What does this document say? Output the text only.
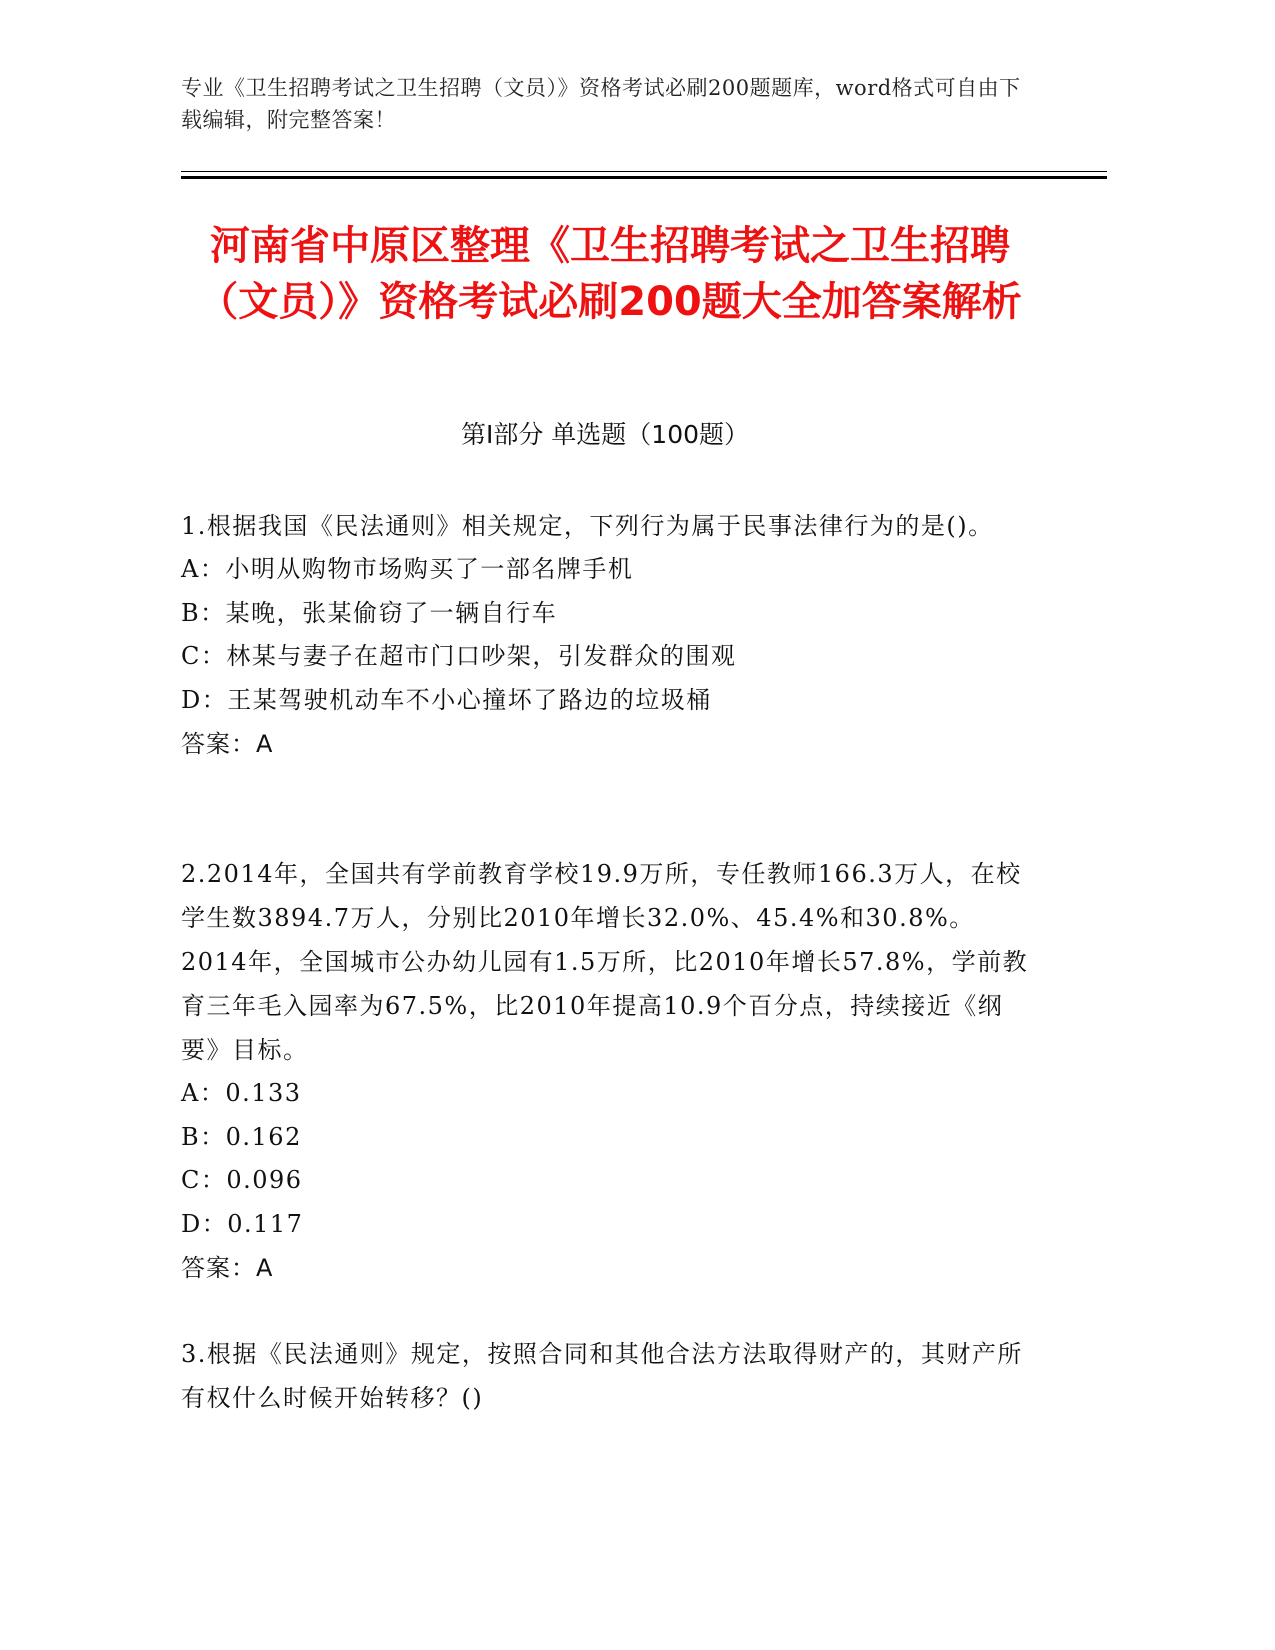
专业《卫生招聘考试之卫生招聘（文员）》资格考试必刷200题题库，word格式可自由下载编辑，附完整答案！
河南省中原区整理《卫生招聘考试之卫生招聘（文员）》资格考试必刷200题大全加答案解析
第I部分 单选题（100题）
1.根据我国《民法通则》相关规定，下列行为属于民事法律行为的是()。
A：小明从购物市场购买了一部名牌手机
B：某晚，张某偷窃了一辆自行车
C：林某与妻子在超市门口吵架，引发群众的围观
D：王某驾驶机动车不小心撞坏了路边的垃圾桶
答案：A
2.2014年，全国共有学前教育学校19.9万所，专任教师166.3万人，在校学生数3894.7万人，分别比2010年增长32.0%、45.4%和30.8%。2014年，全国城市公办幼儿园有1.5万所，比2010年增长57.8%，学前教育三年毛入园率为67.5%，比2010年提高10.9个百分点，持续接近《纲要》目标。
A：0.133
B：0.162
C：0.096
D：0.117
答案：A
3.根据《民法通则》规定，按照合同和其他合法方法取得财产的，其财产所有权什么时候开始转移？()
